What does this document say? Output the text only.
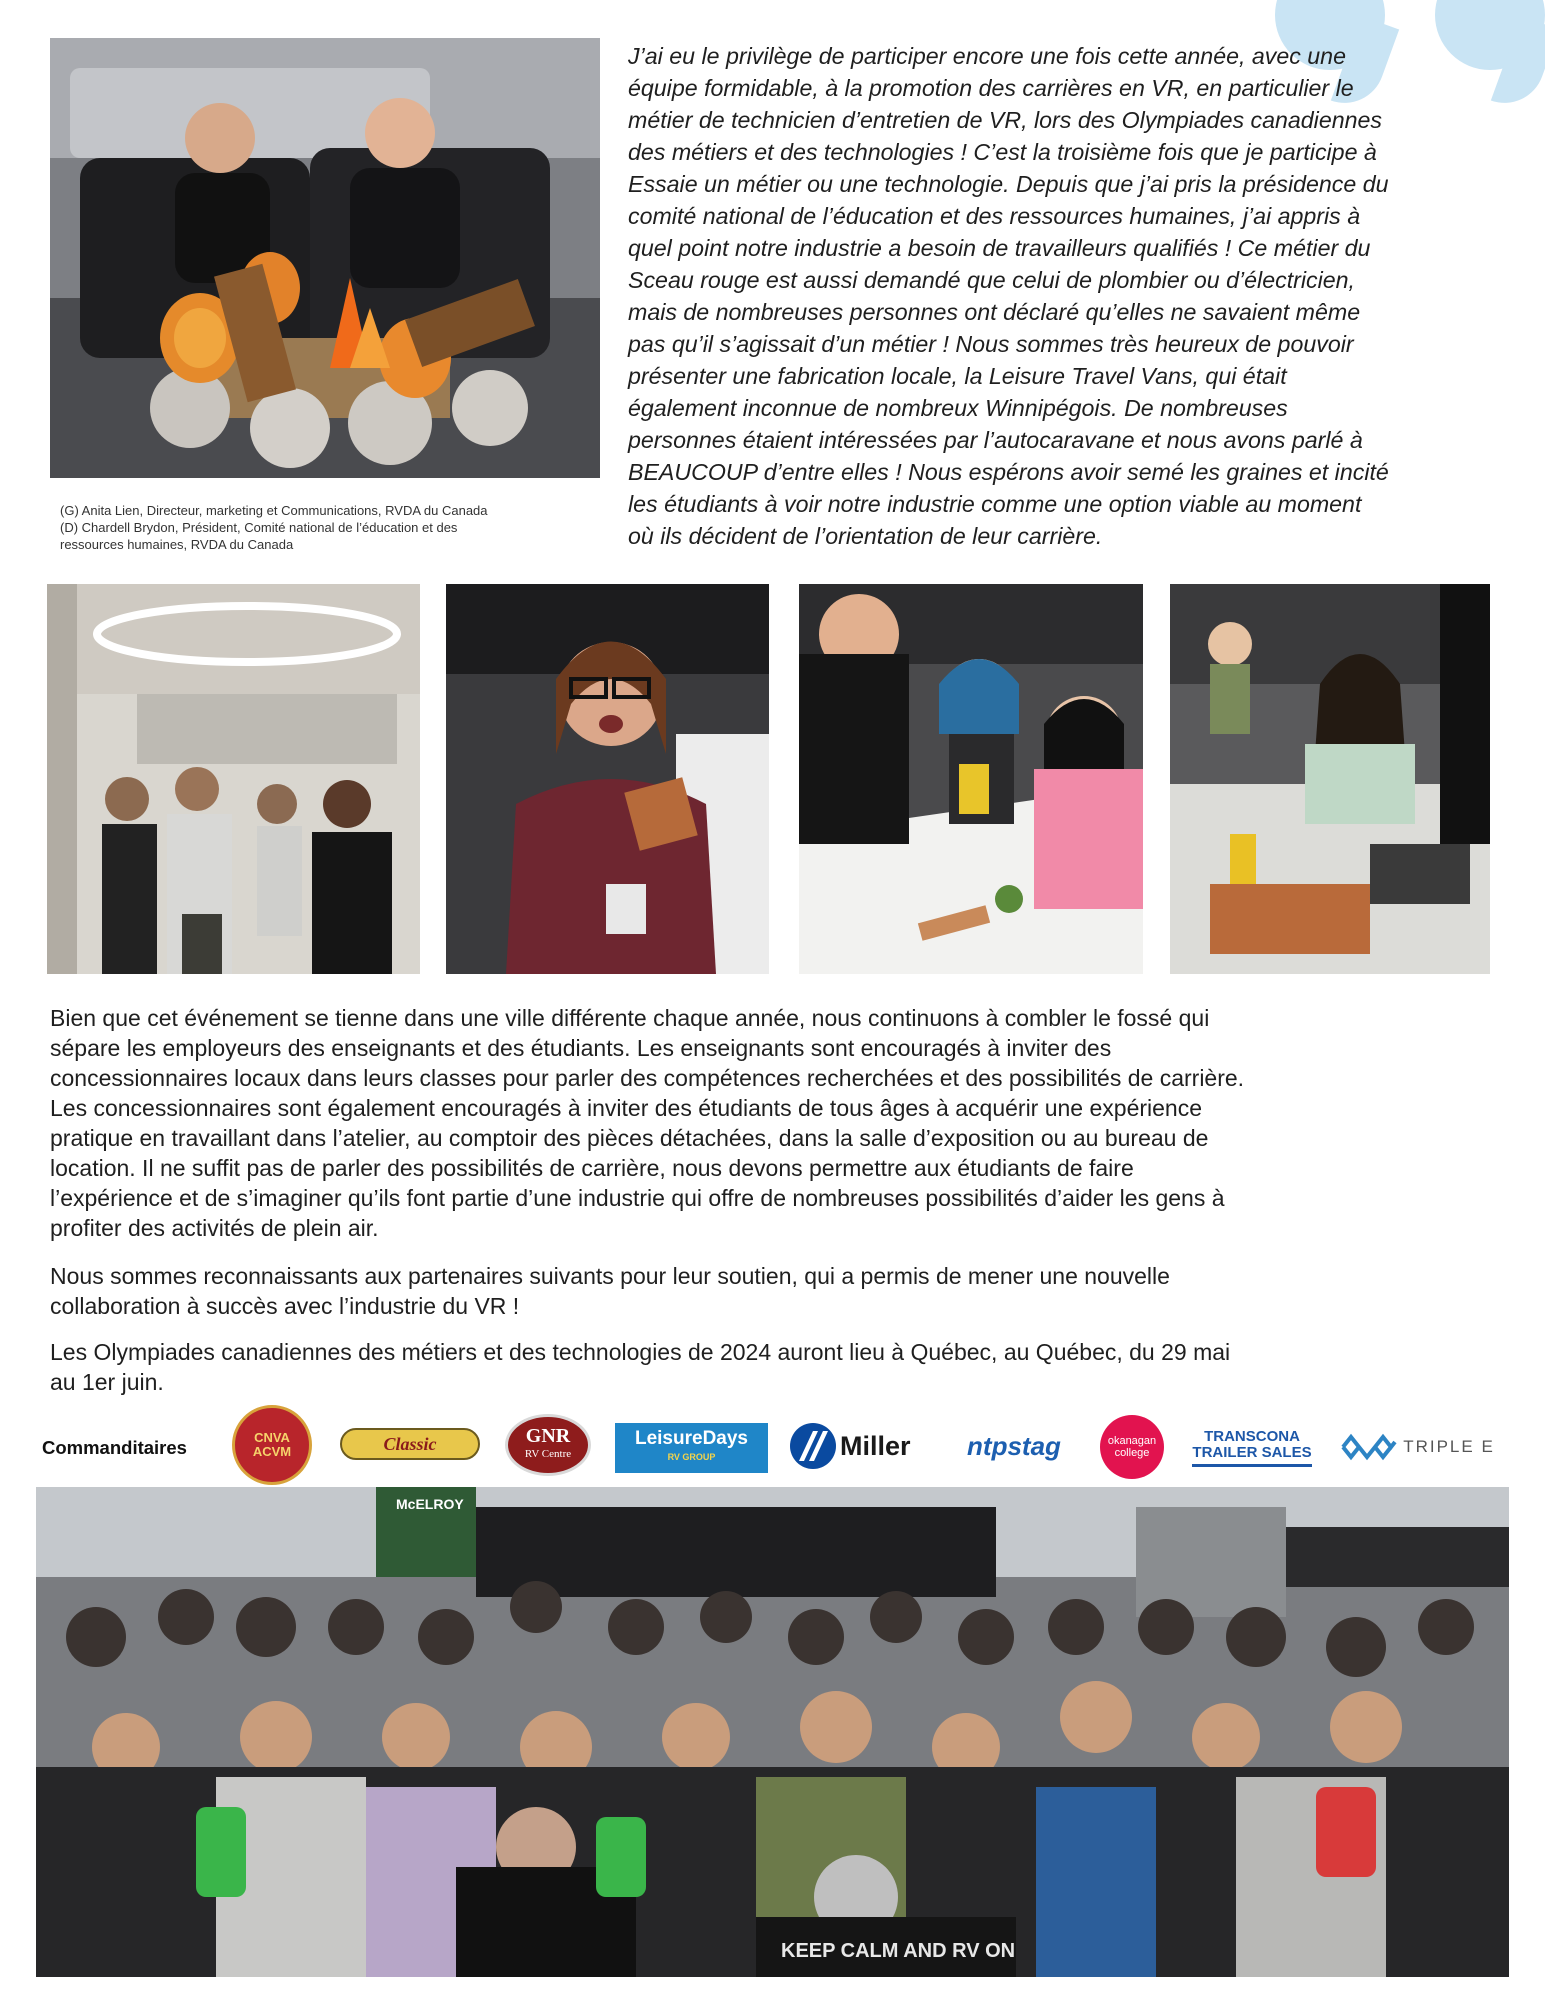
(G) Anita Lien, Directeur, marketing et Communications, RVDA du Canada
(D) Chardell Brydon, Président, Comité national de l’éducation et des
ressources humaines, RVDA du Canada
J’ai eu le privilège de participer encore une fois cette année, avec une
équipe formidable, à la promotion des carrières en VR, en particulier le
métier de technicien d’entretien de VR, lors des Olympiades canadiennes
des métiers et des technologies ! C’est la troisième fois que je participe à
Essaie un métier ou une technologie. Depuis que j’ai pris la présidence du
comité national de l’éducation et des ressources humaines, j’ai appris à
quel point notre industrie a besoin de travailleurs qualifiés ! Ce métier du
Sceau rouge est aussi demandé que celui de plombier ou d’électricien,
mais de nombreuses personnes ont déclaré qu’elles ne savaient même
pas qu’il s’agissait d’un métier ! Nous sommes très heureux de pouvoir
présenter une fabrication locale, la Leisure Travel Vans, qui était
également inconnue de nombreux Winnipégois. De nombreuses
personnes étaient intéressées par l’autocaravane et nous avons parlé à
BEAUCOUP d’entre elles ! Nous espérons avoir semé les graines et incité
les étudiants à voir notre industrie comme une option viable au moment
où ils décident de l’orientation de leur carrière.
Bien que cet événement se tienne dans une ville différente chaque année, nous continuons à combler le fossé qui
sépare les employeurs des enseignants et des étudiants. Les enseignants sont encouragés à inviter des
concessionnaires locaux dans leurs classes pour parler des compétences recherchées et des possibilités de carrière.
Les concessionnaires sont également encouragés à inviter des étudiants de tous âges à acquérir une expérience
pratique en travaillant dans l’atelier, au comptoir des pièces détachées, dans la salle d’exposition ou au bureau de
location. Il ne suffit pas de parler des possibilités de carrière, nous devons permettre aux étudiants de faire
l’expérience et de s’imaginer qu’ils font partie d’une industrie qui offre de nombreuses possibilités d’aider les gens à
profiter des activités de plein air.
Nous sommes reconnaissants aux partenaires suivants pour leur soutien, qui a permis de mener une nouvelle
collaboration à succès avec l’industrie du VR !
Les Olympiades canadiennes des métiers et des technologies de 2024 auront lieu à Québec, au Québec, du 29 mai
au 1er juin.
Commanditaires	CNVA
ACVM	Classic	GNR
RV Centre
LeisureDays
RV GROUP	Miller	ntpstag	okanagan
college
TRANSCONA
TRAILER SALES	TRIPLE E
McELROY
KEEP CALM AND RV ON
